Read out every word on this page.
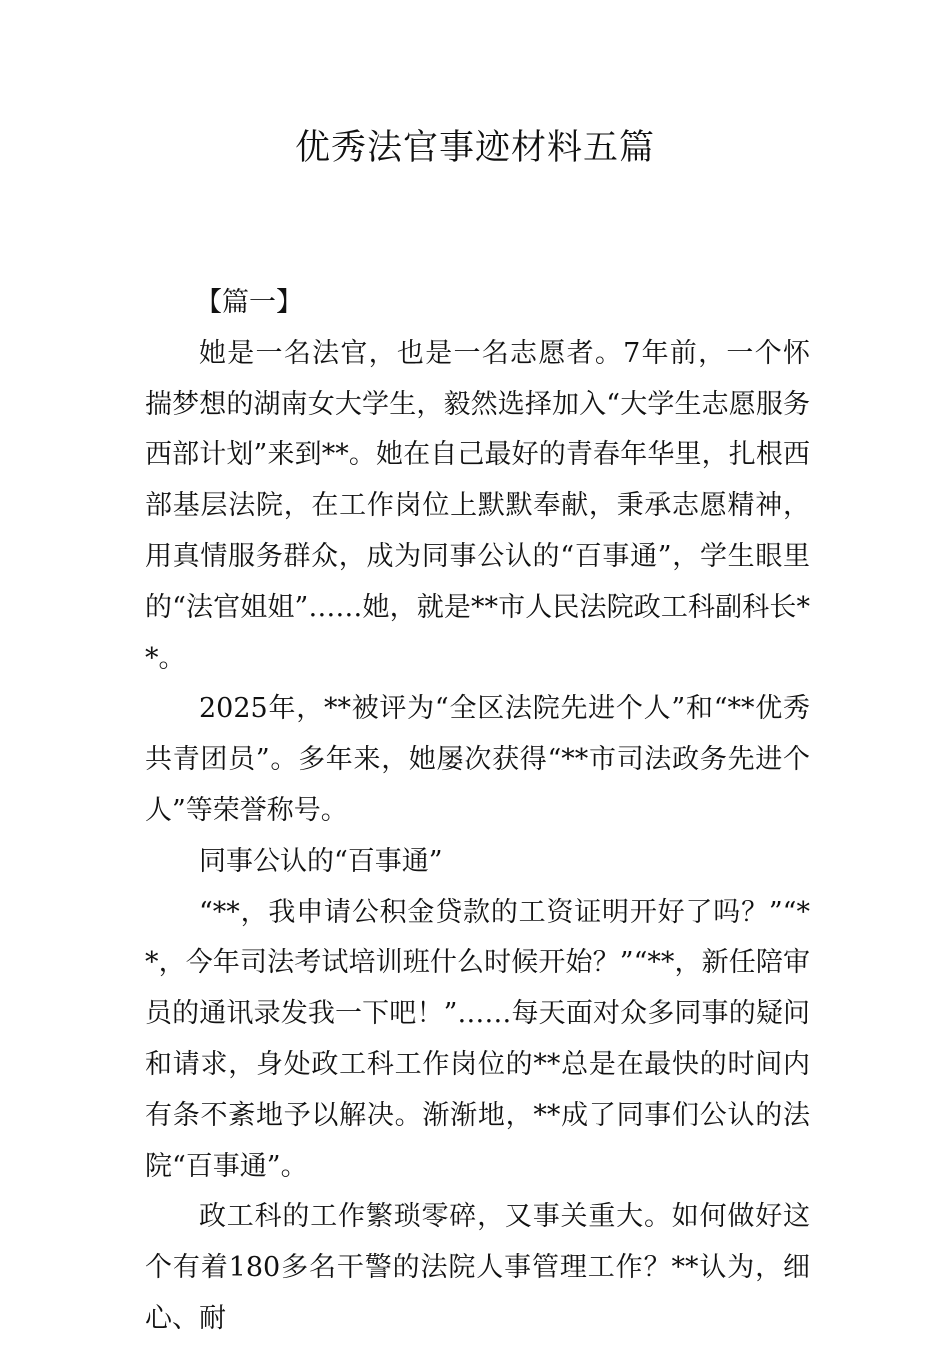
优秀法官事迹材料五篇

【篇一】

她是一名法官，也是一名志愿者。7年前，一个怀揣梦想的湖南女大学生，毅然选择加入“大学生志愿服务西部计划”来到**。她在自己最好的青春年华里，扎根西部基层法院，在工作岗位上默默奉献，秉承志愿精神，用真情服务群众，成为同事公认的“百事通”，学生眼里的“法官姐姐”……她，就是**市人民法院政工科副科长**。

2025年，**被评为“全区法院先进个人”和“**优秀共青团员”。多年来，她屡次获得“**市司法政务先进个人”等荣誉称号。

同事公认的“百事通”

“**，我申请公积金贷款的工资证明开好了吗？”“**，今年司法考试培训班什么时候开始？”“**，新任陪审员的通讯录发我一下吧！”……每天面对众多同事的疑问和请求，身处政工科工作岗位的**总是在最快的时间内有条不紊地予以解决。渐渐地，**成了同事们公认的法院“百事通”。

政工科的工作繁琐零碎，又事关重大。如何做好这个有着180多名干警的法院人事管理工作？**认为，细心、耐
